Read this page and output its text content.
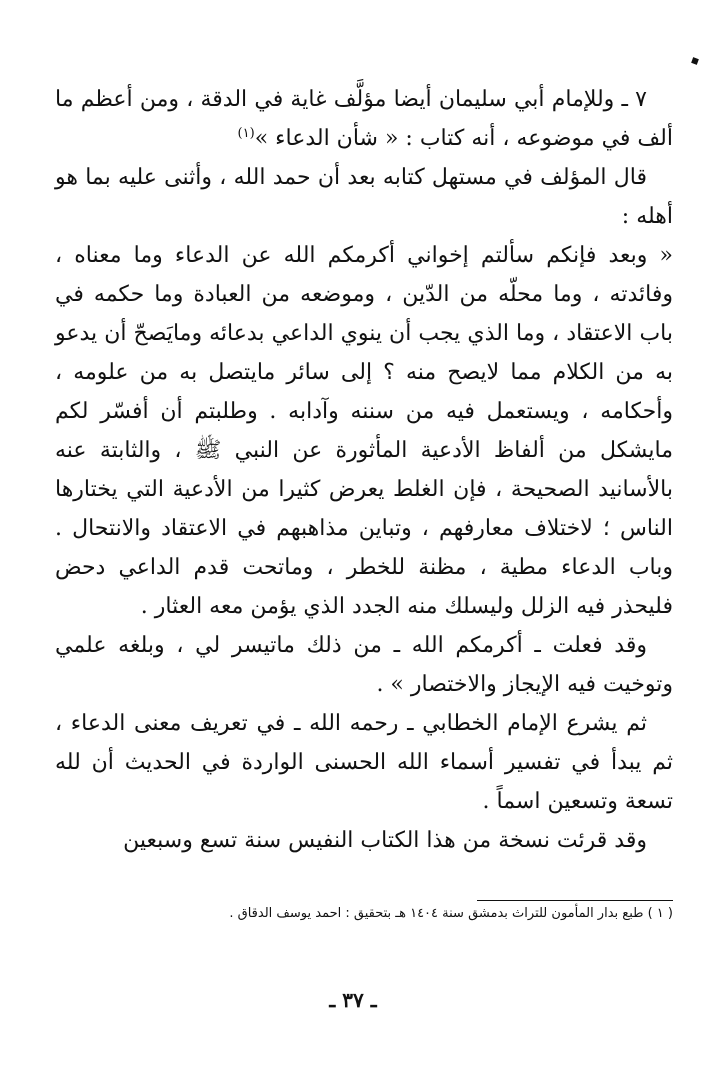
٧ ـ وللإمام أبي سليمان أيضا مؤلَّف غاية في الدقة ، ومن أعظم ما ألف في موضوعه ، أنه كتاب : « شأن الدعاء »$^{(١)}$

قال المؤلف في مستهل كتابه بعد أن حمد الله ، وأثنى عليه بما هو أهله :

« وبعد فإنكم سألتم إخواني أكرمكم الله عن الدعاء وما معناه ، وفائدته ، وما محلّه من الدّين ، وموضعه من العبادة وما حكمه في باب الاعتقاد ، وما الذي يجب أن ينوي الداعي بدعائه ومايَصحّ أن يدعو به من الكلام مما لايصح منه ؟ إلى سائر مايتصل به من علومه ، وأحكامه ، ويستعمل فيه من سننه وآدابه . وطلبتم أن أفسّر لكم مايشكل من ألفاظ الأدعية المأثورة عن النبي ﷺ ، والثابتة عنه بالأسانيد الصحيحة ، فإن الغلط يعرض كثيرا من الأدعية التي يختارها الناس ؛ لاختلاف معارفهم ، وتباين مذاهبهم في الاعتقاد والانتحال . وباب الدعاء مطية ، مظنة للخطر ، وماتحت قدم الداعي دحض فليحذر فيه الزلل وليسلك منه الجدد الذي يؤمن معه العثار .

وقد فعلت ـ أكرمكم الله ـ من ذلك ماتيسر لي ، وبلغه علمي وتوخيت فيه الإيجاز والاختصار » .

ثم يشرع الإمام الخطابي ـ رحمه الله ـ في تعريف معنى الدعاء ، ثم يبدأ في تفسير أسماء الله الحسنى الواردة في الحديث أن لله تسعة وتسعين اسماً .

وقد قرئت نسخة من هذا الكتاب النفيس سنة تسع وسبعين

( ١ ) طبع بدار المأمون للتراث بدمشق سنة ١٤٠٤ هـ بتحقيق : احمد يوسف الدقاق .
ـ ٣٧ ـ
